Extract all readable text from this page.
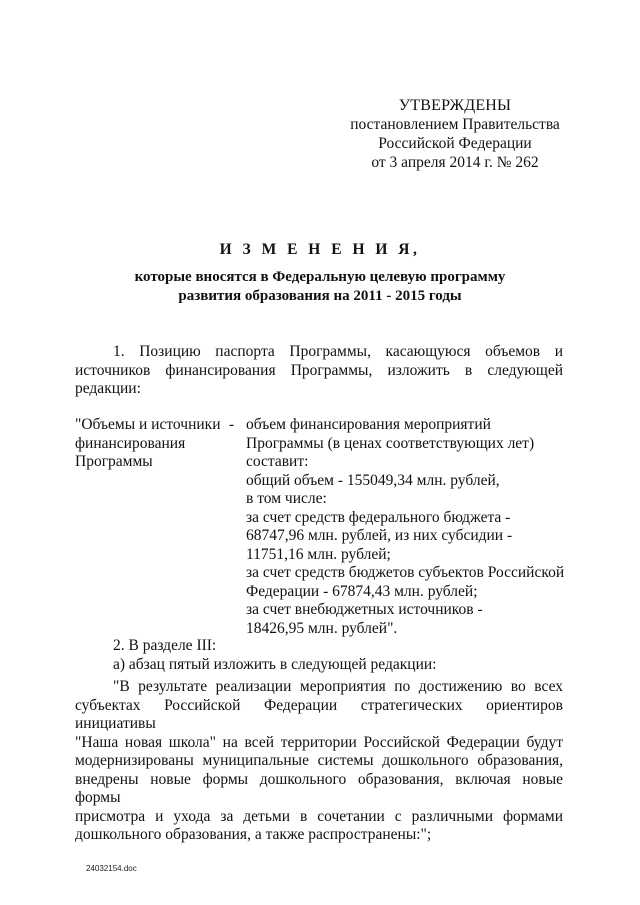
УТВЕРЖДЕНЫ
постановлением Правительства
Российской Федерации
от 3 апреля 2014 г. № 262
И З М Е Н Е Н И Я,
которые вносятся в Федеральную целевую программу
развития образования на 2011 - 2015 годы
1. Позицию паспорта Программы, касающуюся объемов и
источников финансирования Программы, изложить в следующей
редакции:
"Объемы и источники
финансирования
Программы
- объем финансирования мероприятий
Программы (в ценах соответствующих лет)
составит:
общий объем - 155049,34 млн. рублей,
в том числе:
за счет средств федерального бюджета -
68747,96 млн. рублей, из них субсидии -
11751,16 млн. рублей;
за счет средств бюджетов субъектов Российской
Федерации - 67874,43 млн. рублей;
за счет внебюджетных источников -
18426,95 млн. рублей".
2. В разделе III:
а) абзац пятый изложить в следующей редакции:
"В результате реализации мероприятия по достижению во всех
субъектах Российской Федерации стратегических ориентиров инициативы
"Наша новая школа" на всей территории Российской Федерации будут
модернизированы муниципальные системы дошкольного образования,
внедрены новые формы дошкольного образования, включая новые формы
присмотра и ухода за детьми в сочетании с различными формами
дошкольного образования, а также распространены:";
24032154.doc
